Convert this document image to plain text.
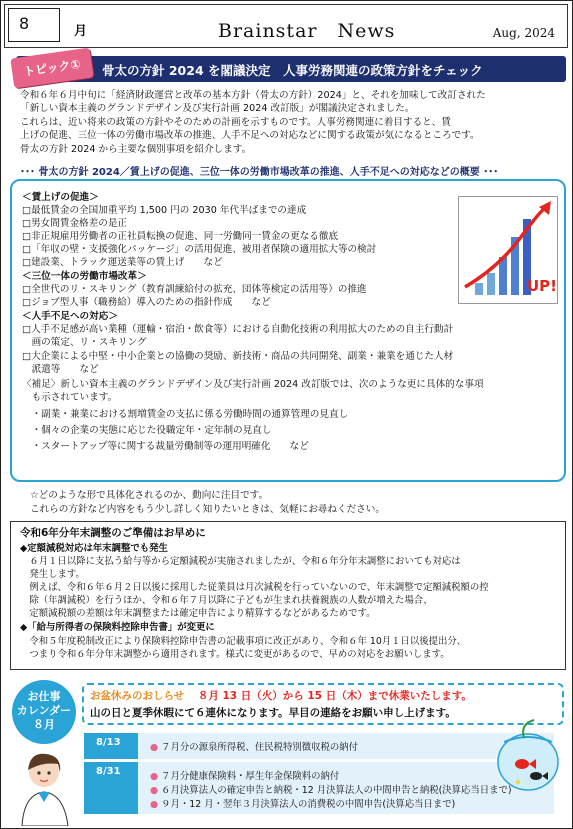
8	月	Brainstar　News	Aug, 2024
トピック①	骨太の方針 2024 を閣議決定　人事労務関連の政策方針をチェック
令和６年６月中旬に「経済財政運営と改革の基本方針（骨太の方針）2024」と、それを加味して改訂された
「新しい資本主義のグランドデザイン及び実行計画 2024 改訂版」が閣議決定されました。
これらは、近い将来の政策の方針やそのための計画を示すものです。人事労務関連に着目すると、賃
上げの促進、三位一体の労働市場改革の推進、人手不足への対応などに関する政策が気になるところです。
骨太の方針 2024 から主要な個別事項を紹介します。
･･･ 骨太の方針 2024／賃上げの促進、三位一体の労働市場改革の推進、人手不足への対応などの概要 ･･･
＜賃上げの促進＞
□最低賃金の全国加重平均 1,500 円の 2030 年代半ばまでの達成
□男女間賃金格差の是正
□非正規雇用労働者の正社員転換の促進、同一労働同一賃金の更なる徹底
□「年収の壁・支援強化パッケージ」の活用促進、被用者保険の適用拡大等の検討
□建設業、トラック運送業等の賃上げ　　など
＜三位一体の労働市場改革＞
□全世代のリ・スキリング（教育訓練給付の拡充、団体等検定の活用等）の推進
□ジョブ型人事（職務給）導入のための指針作成　　など
＜人手不足への対応＞
□人手不足感が高い業種（運輸・宿泊・飲食等）における自動化技術の利用拡大のための自主行動計
　画の策定、リ・スキリング
□大企業による中堅・中小企業との協働の奨励、新技術・商品の共同開発、副業・兼業を通じた人材
　派遣等　　など
〈補足〉新しい資本主義のグランドデザイン及び実行計画 2024 改訂版では、次のような更に具体的な事項
　も示されています。
　・副業・兼業における割増賃金の支払に係る労働時間の通算管理の見直し
　・個々の企業の実態に応じた役職定年・定年制の見直し
　・スタートアップ等に関する裁量労働制等の運用明確化　　など
UP!
☆どのような形で具体化されるのか、動向に注目です。
これらの方針など内容をもう少し詳しく知りたいときは、気軽にお尋ねください。
令和6年分年末調整のご準備はお早めに
◆定額減税対応は年末調整でも発生
　６月１日以降に支払う給与等から定額減税が実施されましたが、令和６年分年末調整においても対応は
　発生します。
　例えば、令和６年６月２日以後に採用した従業員は月次減税を行っていないので、年末調整で定額減税額の控
　除（年調減税）を行うほか、令和６年７月以降に子どもが生まれ扶養親族の人数が増えた場合、
　定額減税額の差額は年末調整または確定申告により精算するなどがあるためです。
◆「給与所得者の保険料控除申告書」が変更に
　令和５年度税制改正により保険料控除申告書の記載事項に改正があり、令和６年 10月１日以後提出分、
　つまり令和６年分年末調整から適用されます。様式に変更があるので、早めの対応をお願いします。
お仕事
カレンダー
８月
お盆休みのおしらせ ８月 13 日（火）から 15 日（木）まで休業いたします。
山の日と夏季休暇にて６連休になります。早目の連絡をお願い申し上げます。
8/13	● ７月分の源泉所得税、住民税特別徴収税の納付
8/31	● ７月分健康保険料・厚生年金保険料の納付
● ６月決算法人の確定申告と納税・12 月決算法人の中間申告と納税(決算応当日まで)
● ９月・12 月・翌年３月決算法人の消費税の中間申告(決算応当日まで)
